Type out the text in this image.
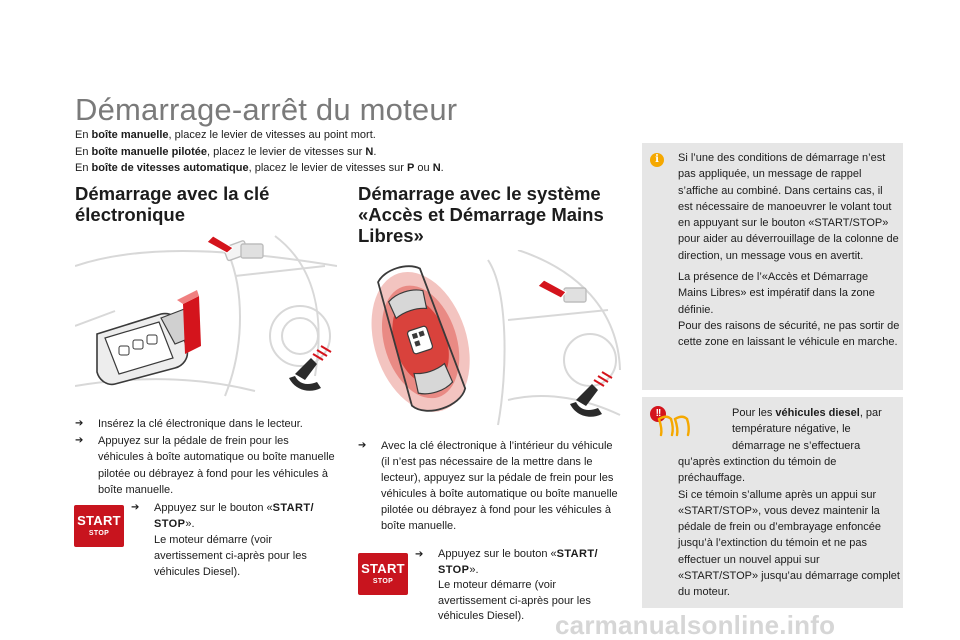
Démarrage-arrêt du moteur
En boîte manuelle, placez le levier de vitesses au point mort.
En boîte manuelle pilotée, placez le levier de vitesses sur N.
En boîte de vitesses automatique, placez le levier de vitesses sur P ou N.
Démarrage avec la clé
électronique
➔ Insérez la clé électronique dans le lecteur.
➔ Appuyez sur la pédale de frein pour les véhicules à boîte automatique ou boîte manuelle pilotée ou débrayez à fond pour les véhicules à boîte manuelle.
START
STOP
➔ Appuyez sur le bouton «START/ STOP».
Le moteur démarre (voir avertissement ci-après pour les véhicules Diesel).
Démarrage avec le système
«Accès et Démarrage Mains
Libres»
➔ Avec la clé électronique à l’intérieur du véhicule (il n’est pas nécessaire de la mettre dans le lecteur), appuyez sur la pédale de frein pour les véhicules à boîte automatique ou boîte manuelle pilotée ou débrayez à fond pour les véhicules à boîte manuelle.
START
STOP
➔ Appuyez sur le bouton «START/ STOP».
Le moteur démarre (voir avertissement ci-après pour les véhicules Diesel).
i	Si l’une des conditions de démarrage n’est pas appliquée, un message de rappel s’affiche au combiné. Dans certains cas, il est nécessaire de manoeuvrer le volant tout en appuyant sur le bouton «START/STOP» pour aider au déverrouillage de la colonne de direction, un message vous en avertit.

La présence de l’«Accès et Démarrage Mains Libres» est impératif dans la zone définie.

Pour des raisons de sécurité, ne pas sortir de cette zone en laissant le véhicule en marche.

!!	Pour les véhicules diesel, par température négative, le démarrage ne s’effectuera
qu’après extinction du témoin de préchauffage.
Si ce témoin s’allume après un appui sur «START/STOP», vous devez maintenir la pédale de frein ou d’embrayage enfoncée jusqu’à l’extinction du témoin et ne pas effectuer un nouvel appui sur «START/STOP» jusqu’au démarrage complet du moteur.
carmanualsonline.info
